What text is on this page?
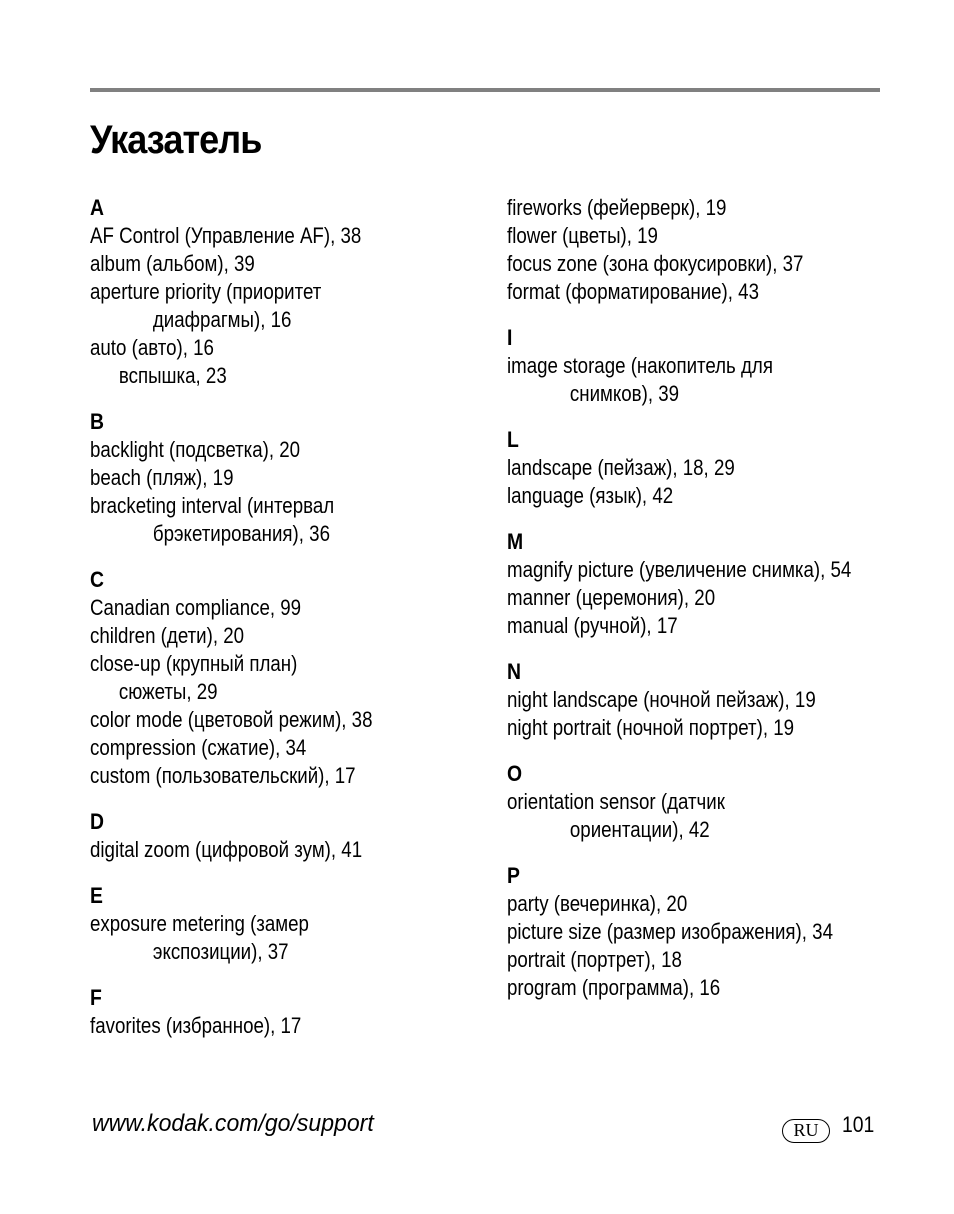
Указатель
A
AF Control (Управление AF), 38
album (альбом), 39
aperture priority (приоритет
диафрагмы), 16
auto (авто), 16
вспышка, 23
B
backlight (подсветка), 20
beach (пляж), 19
bracketing interval (интервал
брэкетирования), 36
C
Canadian compliance, 99
children (дети), 20
close-up (крупный план)
сюжеты, 29
color mode (цветовой режим), 38
compression (сжатие), 34
custom (пользовательский), 17
D
digital zoom (цифровой зум), 41
E
exposure metering (замер
экспозиции), 37
F
favorites (избранное), 17
fireworks (фейерверк), 19
flower (цветы), 19
focus zone (зона фокусировки), 37
format (форматирование), 43
I
image storage (накопитель для
снимков), 39
L
landscape (пейзаж), 18, 29
language (язык), 42
M
magnify picture (увеличение снимка), 54
manner (церемония), 20
manual (ручной), 17
N
night landscape (ночной пейзаж), 19
night portrait (ночной портрет), 19
O
orientation sensor (датчик
ориентации), 42
P
party (вечеринка), 20
picture size (размер изображения), 34
portrait (портрет), 18
program (программа), 16
www.kodak.com/go/support	RU	101
